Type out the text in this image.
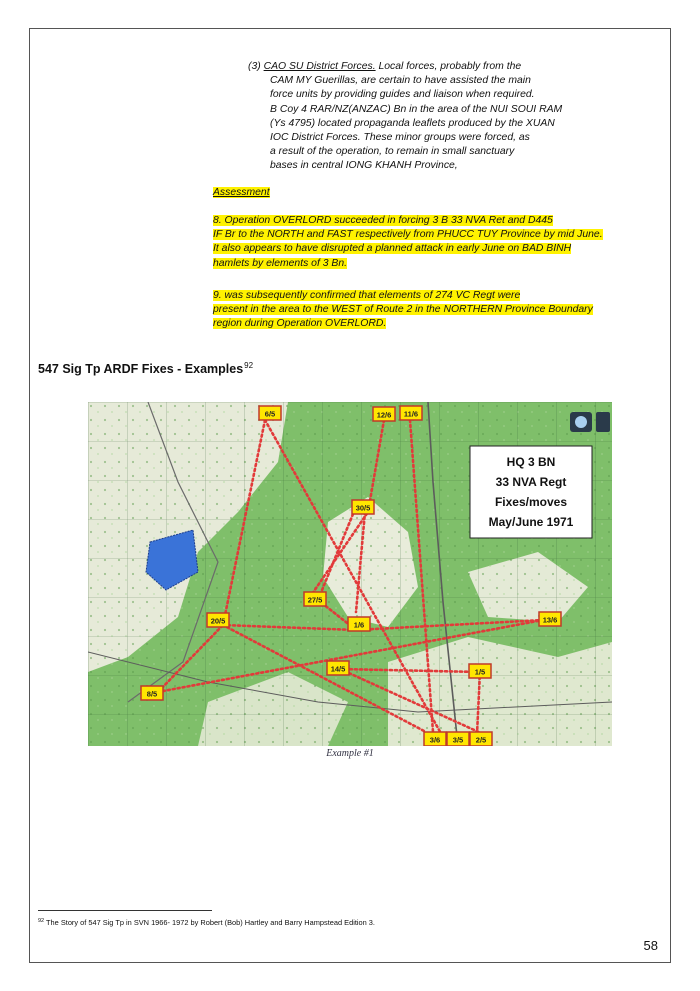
(3) CAO SU District Forces. Local forces, probably from the
CAM MY Guerillas, are certain to have assisted the main
force units by providing guides and liaison when required.
B Coy 4 RAR/NZ(ANZAC) Bn in the area of the NUI SOUI RAM
(Ys 4795) located propaganda leaflets produced by the XUAN
IOC District Forces. These minor groups were forced, as
a result of the operation, to remain in small sanctuary
bases in central IONG KHANH Province,
Assessment
8. Operation OVERLORD succeeded in forcing 3 B 33 NVA Ret and D445
IF Br to the NORTH and FAST respectively from PHUCC TUY Province by mid June.
It also appears to have disrupted a planned attack in early June on BAD BINH
hamlets by elements of 3 Bn.
9. was subsequently confirmed that elements of 274 VC Regt were
present in the area to the WEST of Route 2 in the NORTHERN Province Boundary
region during Operation OVERLORD.
547 Sig Tp ARDF Fixes - Examples$^{92}$
HQ 3 BN
33 NVA Regt
Fixes/moves
May/June 1971
6/5	12/6 11/6
30/5
27/5
20/5	1/6
13/6
14/5	1/5
8/5
3/6 3/5 2/5
Example #1
$^{92}$ The Story of 547 Sig Tp in SVN 1966- 1972 by Robert (Bob) Hartley and Barry Hampstead Edition 3.
58
